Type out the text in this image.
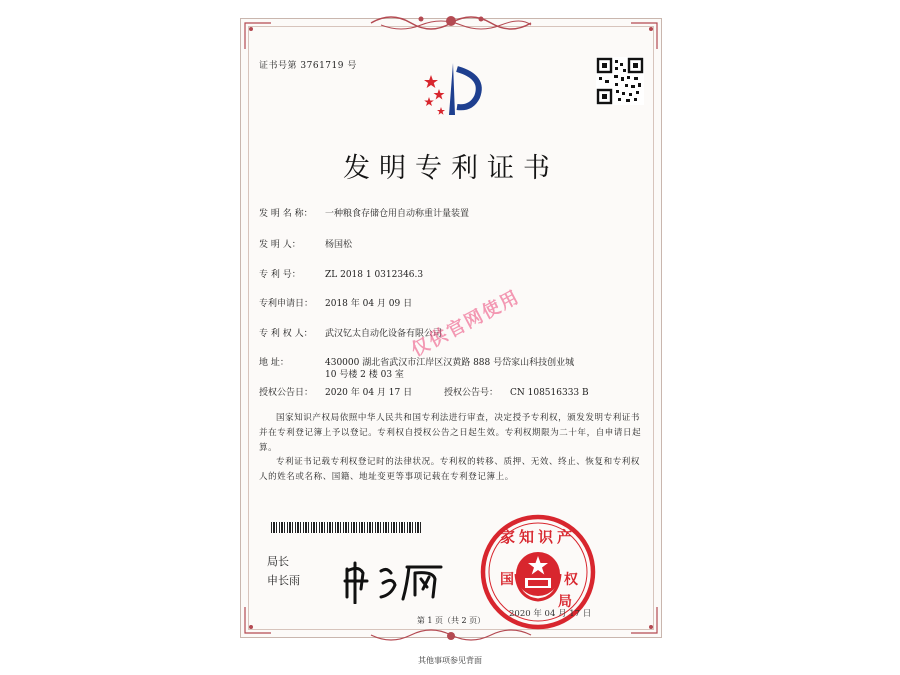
证书号第 3761719 号
发明专利证书
发 明 名 称： 一种粮食存储仓用自动称重计量装置
发 明 人：	杨国松
专 利 号：	ZL 2018 1 0312346.3
专利申请日： 2018 年 04 月 09 日
专 利 权 人： 武汉钇太自动化设备有限公司
地 址：	430000 湖北省武汉市江岸区汉黄路 888 号岱家山科技创业城 10 号楼 2 楼 03 室
授权公告日： 2020 年 04 月 17 日	授权公告号： CN 108516333 B
国家知识产权局依照中华人民共和国专利法进行审查，决定授予专利权，颁发发明专利证书并在专利登记簿上予以登记。专利权自授权公告之日起生效。专利权期限为二十年，自申请日起算。
专利证书记载专利权登记时的法律状况。专利权的转移、质押、无效、终止、恢复和专利权人的姓名或名称、国籍、地址变更等事项记载在专利登记簿上。
局长
申长雨
家知识产
国	权
局
2020 年 04 月 17 日
仅供官网使用
第 1 页（共 2 页）
其他事项参见背面
